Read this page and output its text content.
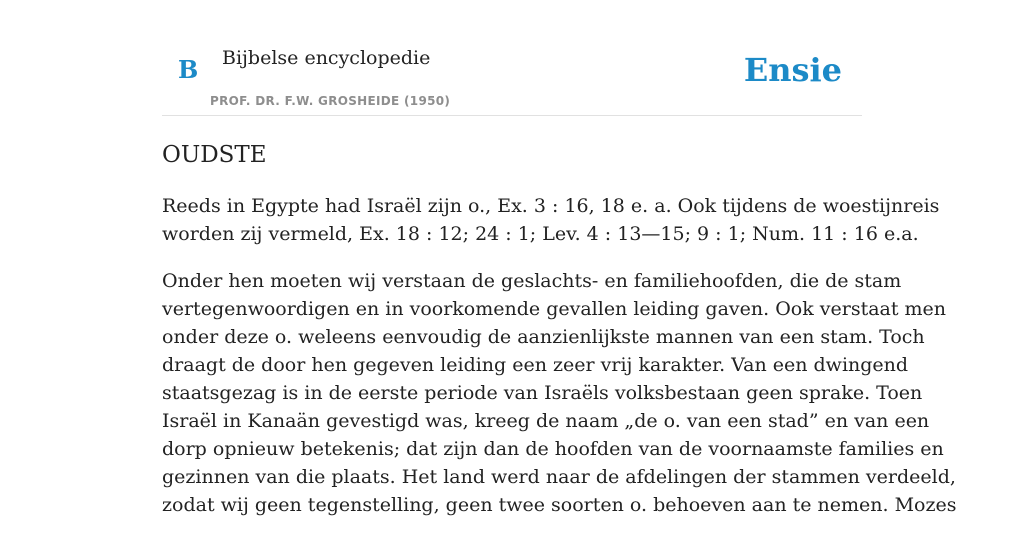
B Bijbelse encyclopedie
PROF. DR. F.W. GROSHEIDE (1950)
Ensie
OUDSTE

Reeds in Egypte had Israël zijn o., Ex. 3 : 16, 18 e. a. Ook tijdens de woestijnreis
worden zij vermeld, Ex. 18 : 12; 24 : 1; Lev. 4 : 13—15; 9 : 1; Num. 11 : 16 e.a.

Onder hen moeten wij verstaan de geslachts- en familiehoofden, die de stam
vertegenwoordigen en in voorkomende gevallen leiding gaven. Ook verstaat men
onder deze o. weleens eenvoudig de aanzienlijkste mannen van een stam. Toch
draagt de door hen gegeven leiding een zeer vrij karakter. Van een dwingend
staatsgezag is in de eerste periode van Israëls volksbestaan geen sprake. Toen
Israël in Kanaän gevestigd was, kreeg de naam „de o. van een stad” en van een
dorp opnieuw betekenis; dat zijn dan de hoofden van de voornaamste families en
gezinnen van die plaats. Het land werd naar de afdelingen der stammen verdeeld,
zodat wij geen tegenstelling, geen twee soorten o. behoeven aan te nemen. Mozes
